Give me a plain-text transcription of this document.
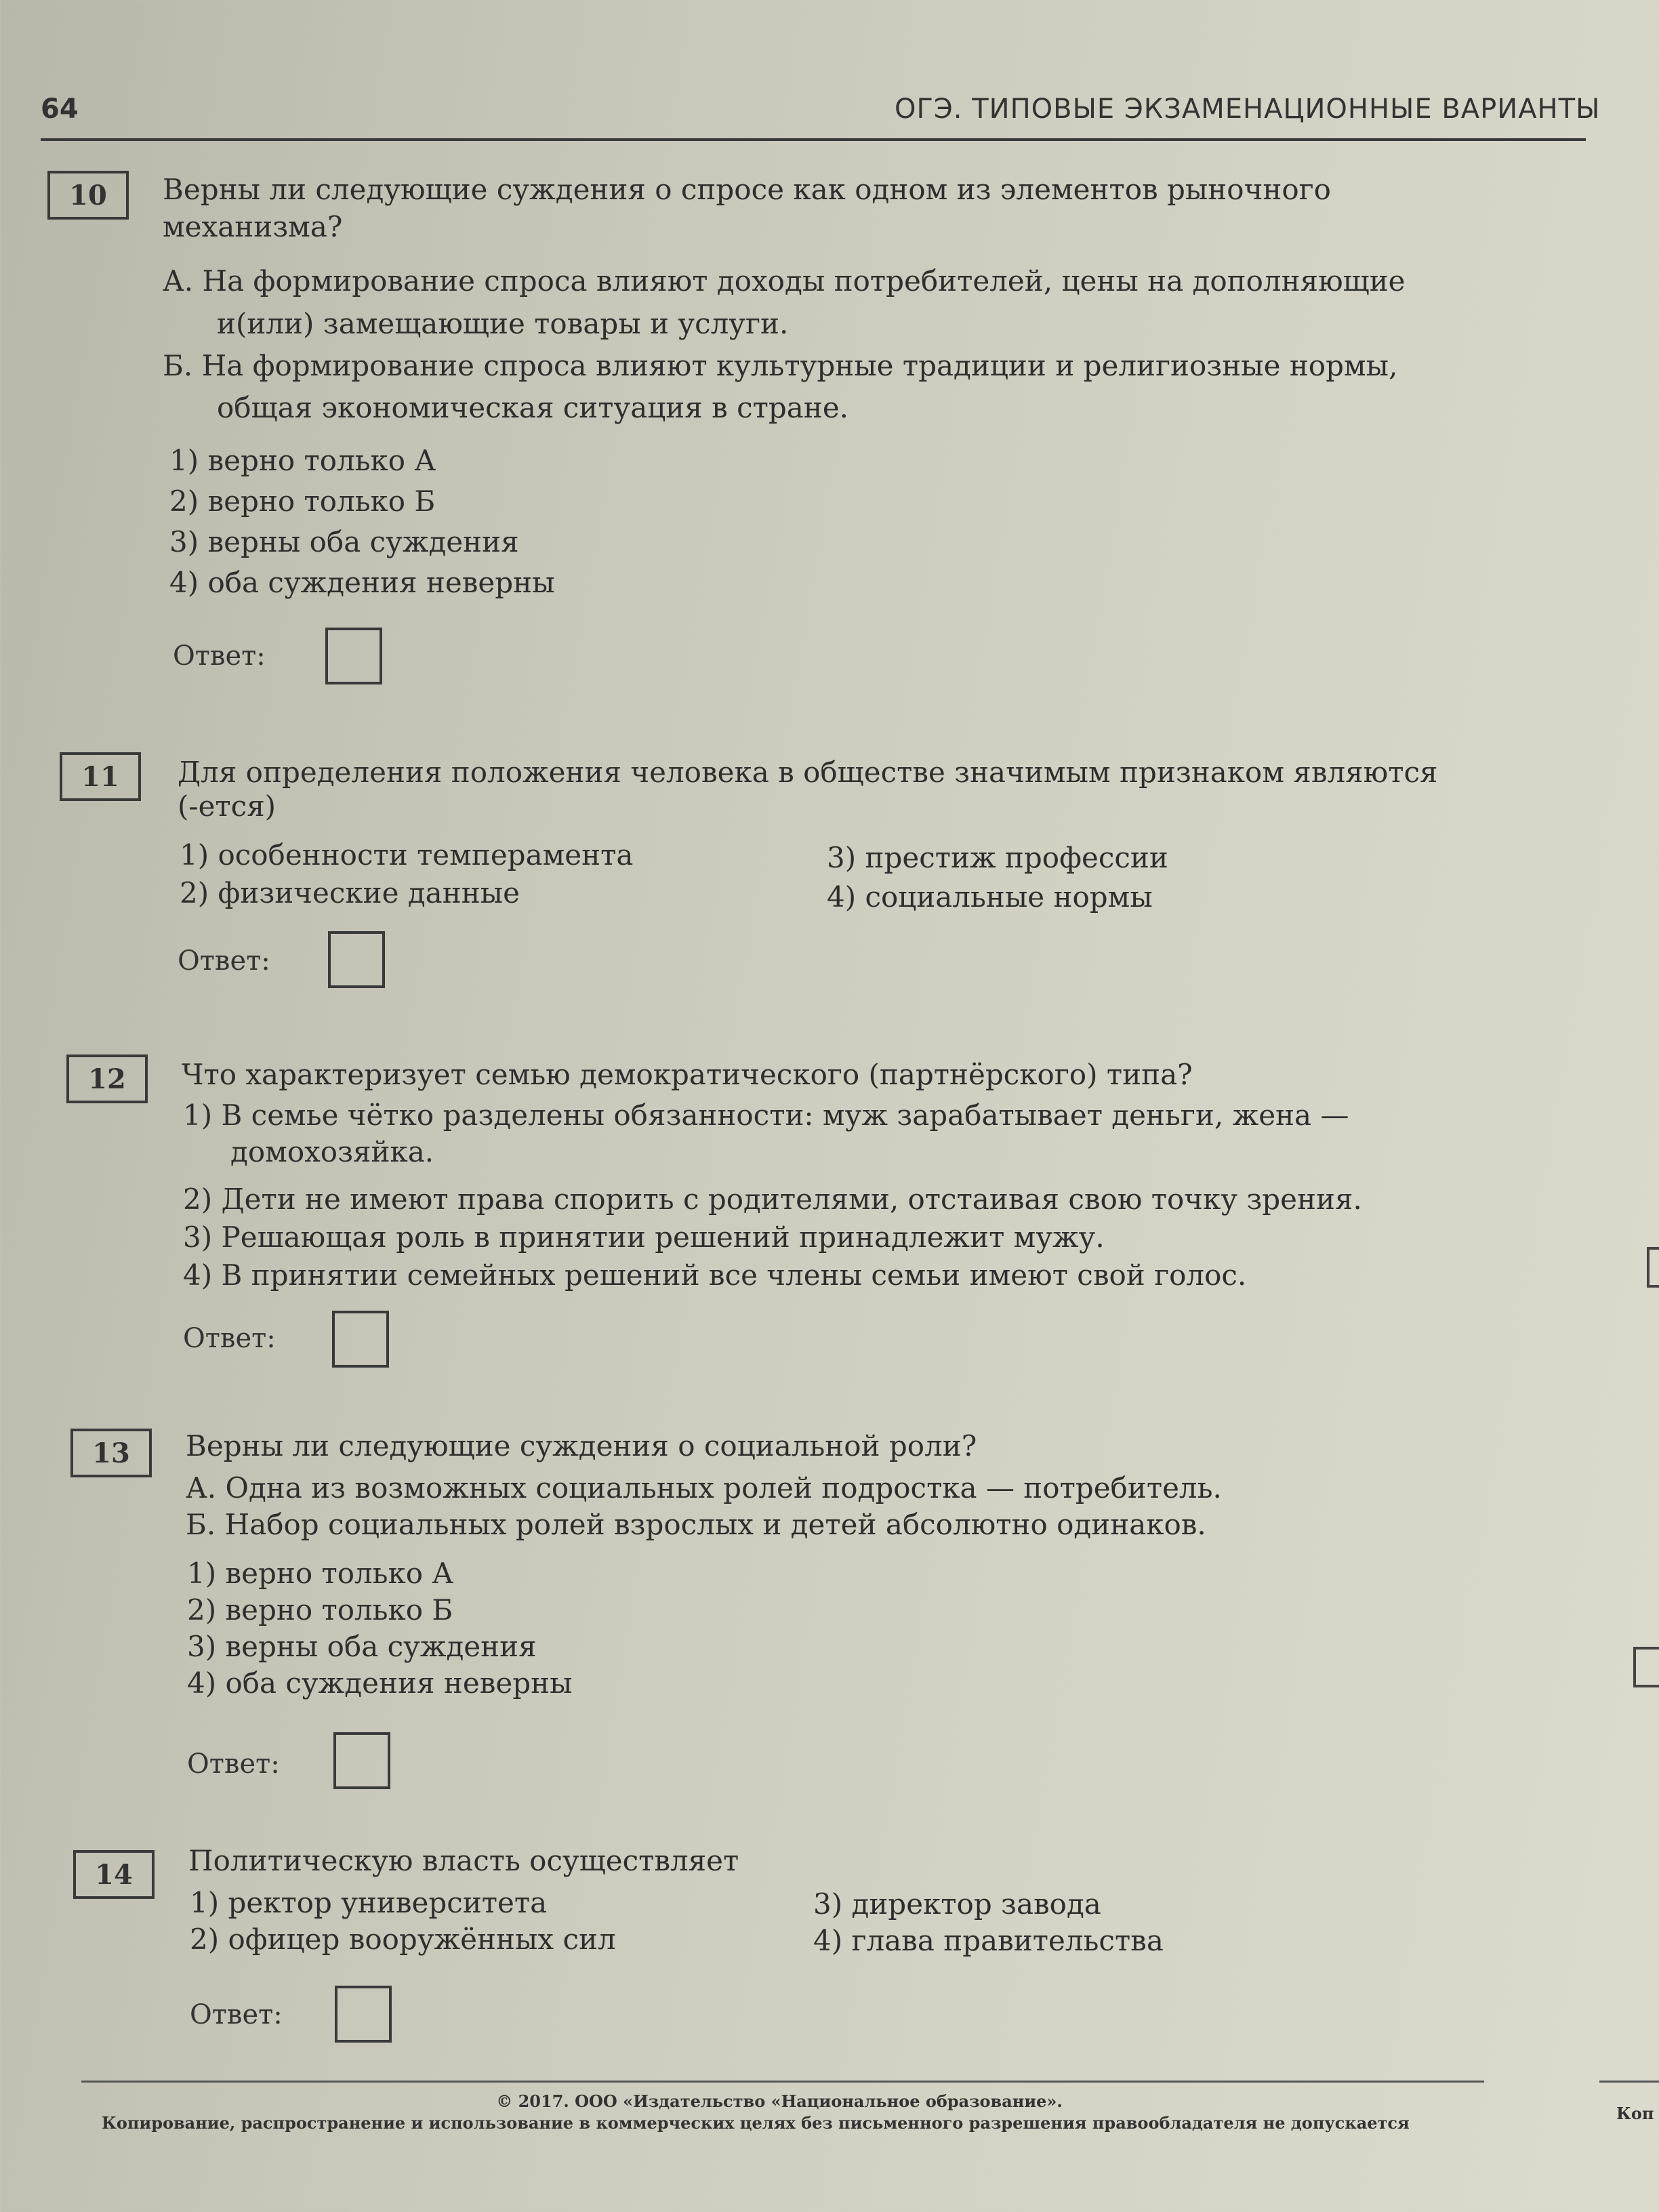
64	ОГЭ. ТИПОВЫЕ ЭКЗАМЕНАЦИОННЫЕ ВАРИАНТЫ
10	Верны ли следующие суждения о спросе как одном из элементов рыночного
механизма?
А. На формирование спроса влияют доходы потребителей, цены на дополняющие
и(или) замещающие товары и услуги.
Б. На формирование спроса влияют культурные традиции и религиозные нормы,
общая экономическая ситуация в стране.
1) верно только А
2) верно только Б
3) верны оба суждения
4) оба суждения неверны
Ответ:
11	Для определения положения человека в обществе значимым признаком являются
(-ется)
1) особенности темперамента
2) физические данные
3) престиж профессии
4) социальные нормы
Ответ:
12	Что характеризует семью демократического (партнёрского) типа?
1) В семье чётко разделены обязанности: муж зарабатывает деньги, жена —
домохозяйка.
2) Дети не имеют права спорить с родителями, отстаивая свою точку зрения.
3) Решающая роль в принятии решений принадлежит мужу.
4) В принятии семейных решений все члены семьи имеют свой голос.
Ответ:
13	Верны ли следующие суждения о социальной роли?
А. Одна из возможных социальных ролей подростка — потребитель.
Б. Набор социальных ролей взрослых и детей абсолютно одинаков.
1) верно только А
2) верно только Б
3) верны оба суждения
4) оба суждения неверны
Ответ:
14	Политическую власть осуществляет
1) ректор университета
2) офицер вооружённых сил
3) директор завода
4) глава правительства
Ответ:
© 2017. ООО «Издательство «Национальное образование».
Копирование, распространение и использование в коммерческих целях без письменного разрешения правообладателя не допускается	Коп
